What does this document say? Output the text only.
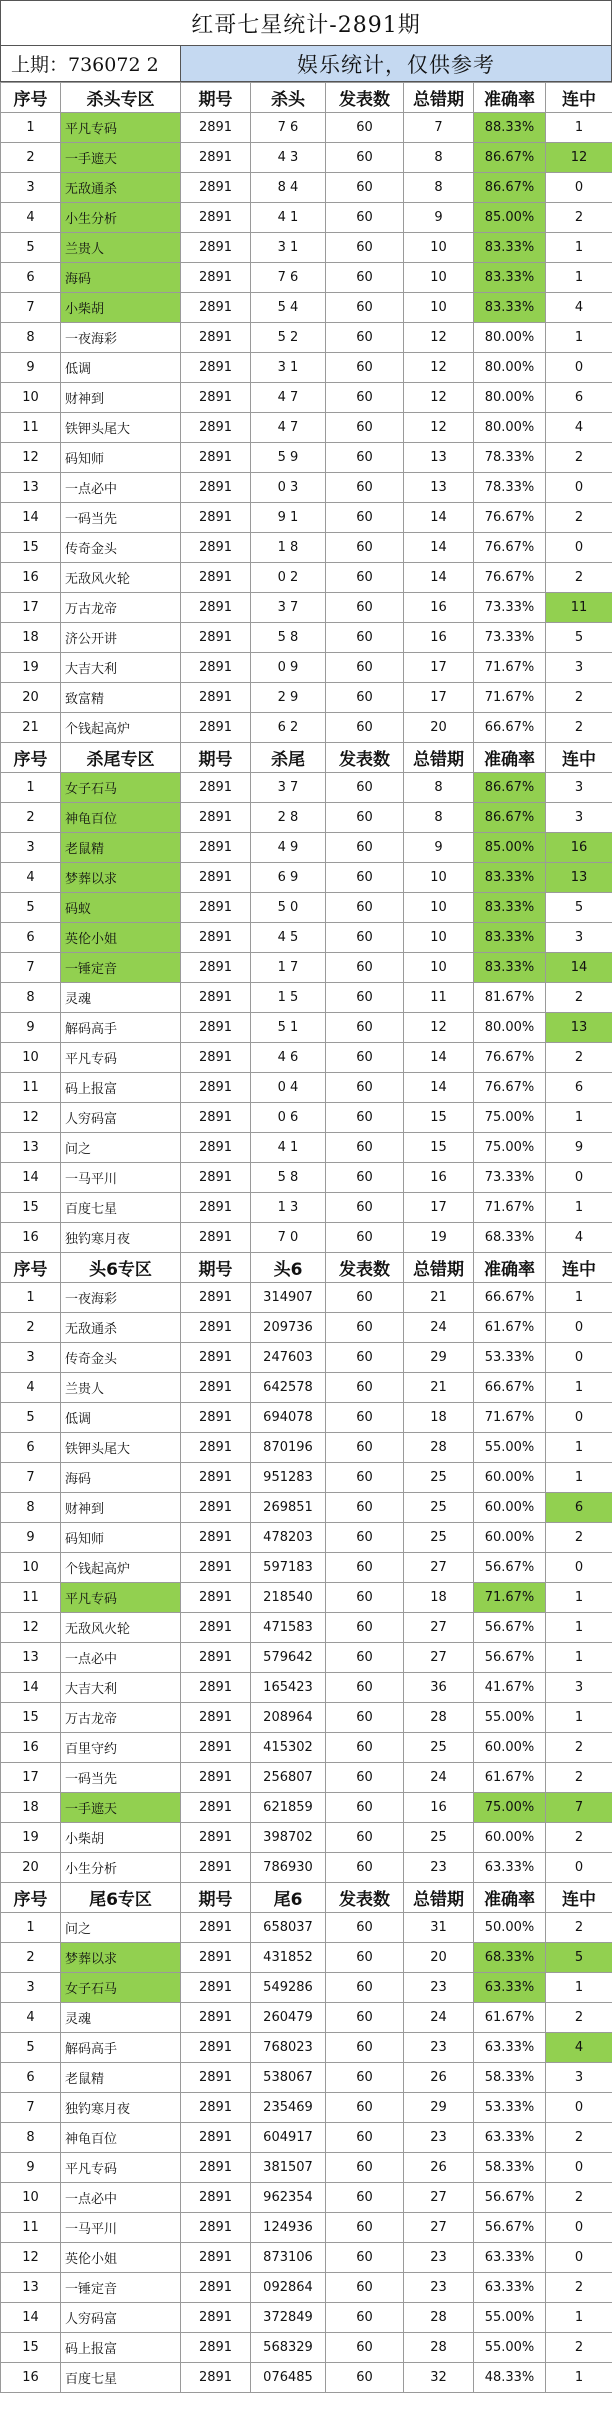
红哥七星统计-2891期
上期：736072 2	娱乐统计，仅供参考
序号	杀头专区	期号	杀头	发表数	总错期	准确率	连中
1	平凡专码	2891	7 6	60	7	88.33%	1
2	一手遮天	2891	4 3	60	8	86.67%	12
3	无敌通杀	2891	8 4	60	8	86.67%	0
4	小生分析	2891	4 1	60	9	85.00%	2
5	兰贵人	2891	3 1	60	10	83.33%	1
6	海码	2891	7 6	60	10	83.33%	1
7	小柴胡	2891	5 4	60	10	83.33%	4
8	一夜海彩	2891	5 2	60	12	80.00%	1
9	低调	2891	3 1	60	12	80.00%	0
10	财神到	2891	4 7	60	12	80.00%	6
11	铁钾头尾大	2891	4 7	60	12	80.00%	4
12	码知师	2891	5 9	60	13	78.33%	2
13	一点必中	2891	0 3	60	13	78.33%	0
14	一码当先	2891	9 1	60	14	76.67%	2
15	传奇金头	2891	1 8	60	14	76.67%	0
16	无敌风火轮	2891	0 2	60	14	76.67%	2
17	万古龙帝	2891	3 7	60	16	73.33%	11
18	济公开讲	2891	5 8	60	16	73.33%	5
19	大吉大利	2891	0 9	60	17	71.67%	3
20	致富精	2891	2 9	60	17	71.67%	2
21	个钱起高炉	2891	6 2	60	20	66.67%	2
序号	杀尾专区	期号	杀尾	发表数	总错期	准确率	连中
1	女子石马	2891	3 7	60	8	86.67%	3
2	神龟百位	2891	2 8	60	8	86.67%	3
3	老鼠精	2891	4 9	60	9	85.00%	16
4	梦葬以求	2891	6 9	60	10	83.33%	13
5	码蚁	2891	5 0	60	10	83.33%	5
6	英伦小姐	2891	4 5	60	10	83.33%	3
7	一锤定音	2891	1 7	60	10	83.33%	14
8	灵魂	2891	1 5	60	11	81.67%	2
9	解码高手	2891	5 1	60	12	80.00%	13
10	平凡专码	2891	4 6	60	14	76.67%	2
11	码上报富	2891	0 4	60	14	76.67%	6
12	人穷码富	2891	0 6	60	15	75.00%	1
13	问之	2891	4 1	60	15	75.00%	9
14	一马平川	2891	5 8	60	16	73.33%	0
15	百度七星	2891	1 3	60	17	71.67%	1
16	独钓寒月夜	2891	7 0	60	19	68.33%	4
序号	头6专区	期号	头6	发表数	总错期	准确率	连中
1	一夜海彩	2891	314907	60	21	66.67%	1
2	无敌通杀	2891	209736	60	24	61.67%	0
3	传奇金头	2891	247603	60	29	53.33%	0
4	兰贵人	2891	642578	60	21	66.67%	1
5	低调	2891	694078	60	18	71.67%	0
6	铁钾头尾大	2891	870196	60	28	55.00%	1
7	海码	2891	951283	60	25	60.00%	1
8	财神到	2891	269851	60	25	60.00%	6
9	码知师	2891	478203	60	25	60.00%	2
10	个钱起高炉	2891	597183	60	27	56.67%	0
11	平凡专码	2891	218540	60	18	71.67%	1
12	无敌风火轮	2891	471583	60	27	56.67%	1
13	一点必中	2891	579642	60	27	56.67%	1
14	大吉大利	2891	165423	60	36	41.67%	3
15	万古龙帝	2891	208964	60	28	55.00%	1
16	百里守约	2891	415302	60	25	60.00%	2
17	一码当先	2891	256807	60	24	61.67%	2
18	一手遮天	2891	621859	60	16	75.00%	7
19	小柴胡	2891	398702	60	25	60.00%	2
20	小生分析	2891	786930	60	23	63.33%	0
序号	尾6专区	期号	尾6	发表数	总错期	准确率	连中
1	问之	2891	658037	60	31	50.00%	2
2	梦葬以求	2891	431852	60	20	68.33%	5
3	女子石马	2891	549286	60	23	63.33%	1
4	灵魂	2891	260479	60	24	61.67%	2
5	解码高手	2891	768023	60	23	63.33%	4
6	老鼠精	2891	538067	60	26	58.33%	3
7	独钓寒月夜	2891	235469	60	29	53.33%	0
8	神龟百位	2891	604917	60	23	63.33%	2
9	平凡专码	2891	381507	60	26	58.33%	0
10	一点必中	2891	962354	60	27	56.67%	2
11	一马平川	2891	124936	60	27	56.67%	0
12	英伦小姐	2891	873106	60	23	63.33%	0
13	一锤定音	2891	092864	60	23	63.33%	2
14	人穷码富	2891	372849	60	28	55.00%	1
15	码上报富	2891	568329	60	28	55.00%	2
16	百度七星	2891	076485	60	32	48.33%	1
